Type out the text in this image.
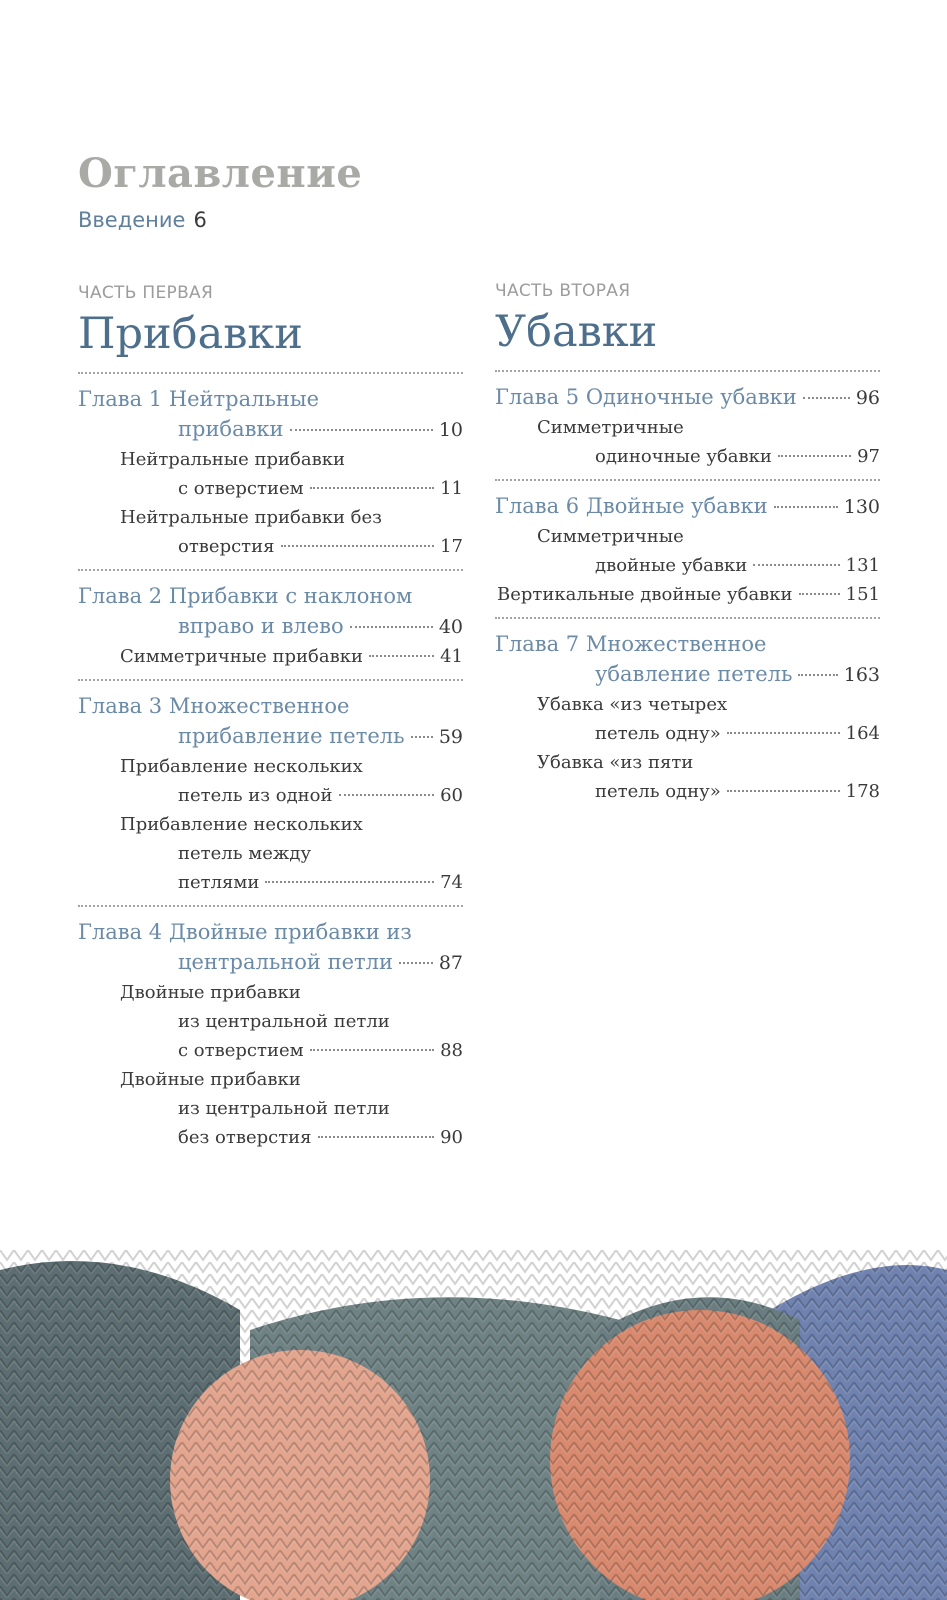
Оглавление
Введение 6
ЧАСТЬ ПЕРВАЯ
Прибавки
Глава 1 Нейтральные
прибавки	10
Нейтральные прибавки
с отверстием	11
Нейтральные прибавки без
отверстия	17
Глава 2 Прибавки с наклоном
вправо и влево	40
Симметричные прибавки	41
Глава 3 Множественное
прибавление петель 59
Прибавление нескольких
петель из одной	60
Прибавление нескольких
петель между
петлями	74
Глава 4 Двойные прибавки из
центральной петли 87
Двойные прибавки
из центральной петли
с отверстием	88
Двойные прибавки
из центральной петли
без отверстия	90
ЧАСТЬ ВТОРАЯ
Убавки
Глава 5 Одиночные убавки	96
Симметричные
одиночные убавки	97
Глава 6 Двойные убавки	130
Симметричные
двойные убавки	131
Вертикальные двойные убавки	151
Глава 7 Множественное
убавление петель	163
Убавка «из четырех
петель одну»	164
Убавка «из пяти
петель одну»	178
